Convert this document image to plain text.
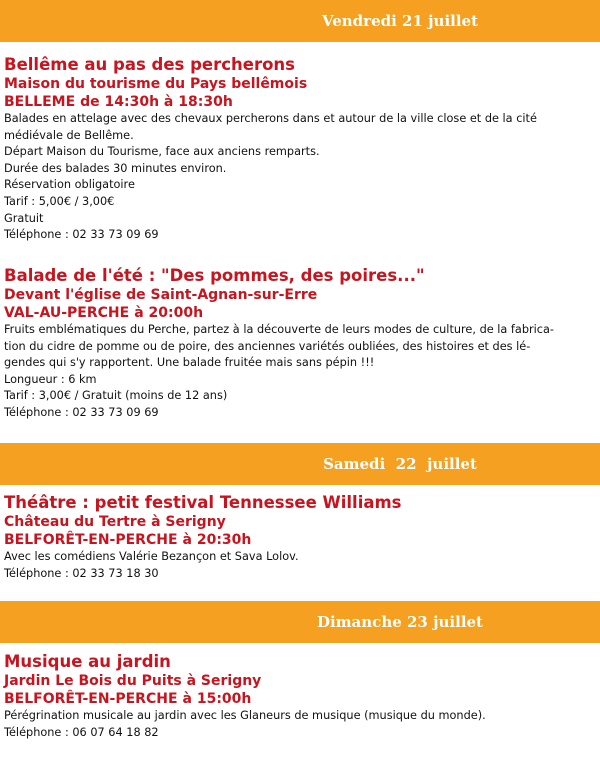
Vendredi 21 juillet
Bellême au pas des percherons
Maison du tourisme du Pays bellêmois
BELLEME de 14:30h à 18:30h
Balades en attelage avec des chevaux percherons dans et autour de la ville close et de la cité
médiévale de Bellême.
Départ Maison du Tourisme, face aux anciens remparts.
Durée des balades 30 minutes environ.
Réservation obligatoire
Tarif : 5,00€ / 3,00€
Gratuit
Téléphone : 02 33 73 09 69
Balade de l'été : "Des pommes, des poires..."
Devant l'église de Saint-Agnan-sur-Erre
VAL-AU-PERCHE à 20:00h
Fruits emblématiques du Perche, partez à la découverte de leurs modes de culture, de la fabrica-
tion du cidre de pomme ou de poire, des anciennes variétés oubliées, des histoires et des lé-
gendes qui s'y rapportent. Une balade fruitée mais sans pépin !!!
Longueur : 6 km
Tarif : 3,00€ / Gratuit (moins de 12 ans)
Téléphone : 02 33 73 09 69
Samedi  22  juillet
Théâtre : petit festival Tennessee Williams
Château du Tertre à Serigny
BELFORÊT-EN-PERCHE à 20:30h
Avec les comédiens Valérie Bezançon et Sava Lolov.
Téléphone : 02 33 73 18 30
Dimanche 23 juillet
Musique au jardin
Jardin Le Bois du Puits à Serigny
BELFORÊT-EN-PERCHE à 15:00h
Pérégrination musicale au jardin avec les Glaneurs de musique (musique du monde).
Téléphone : 06 07 64 18 82
